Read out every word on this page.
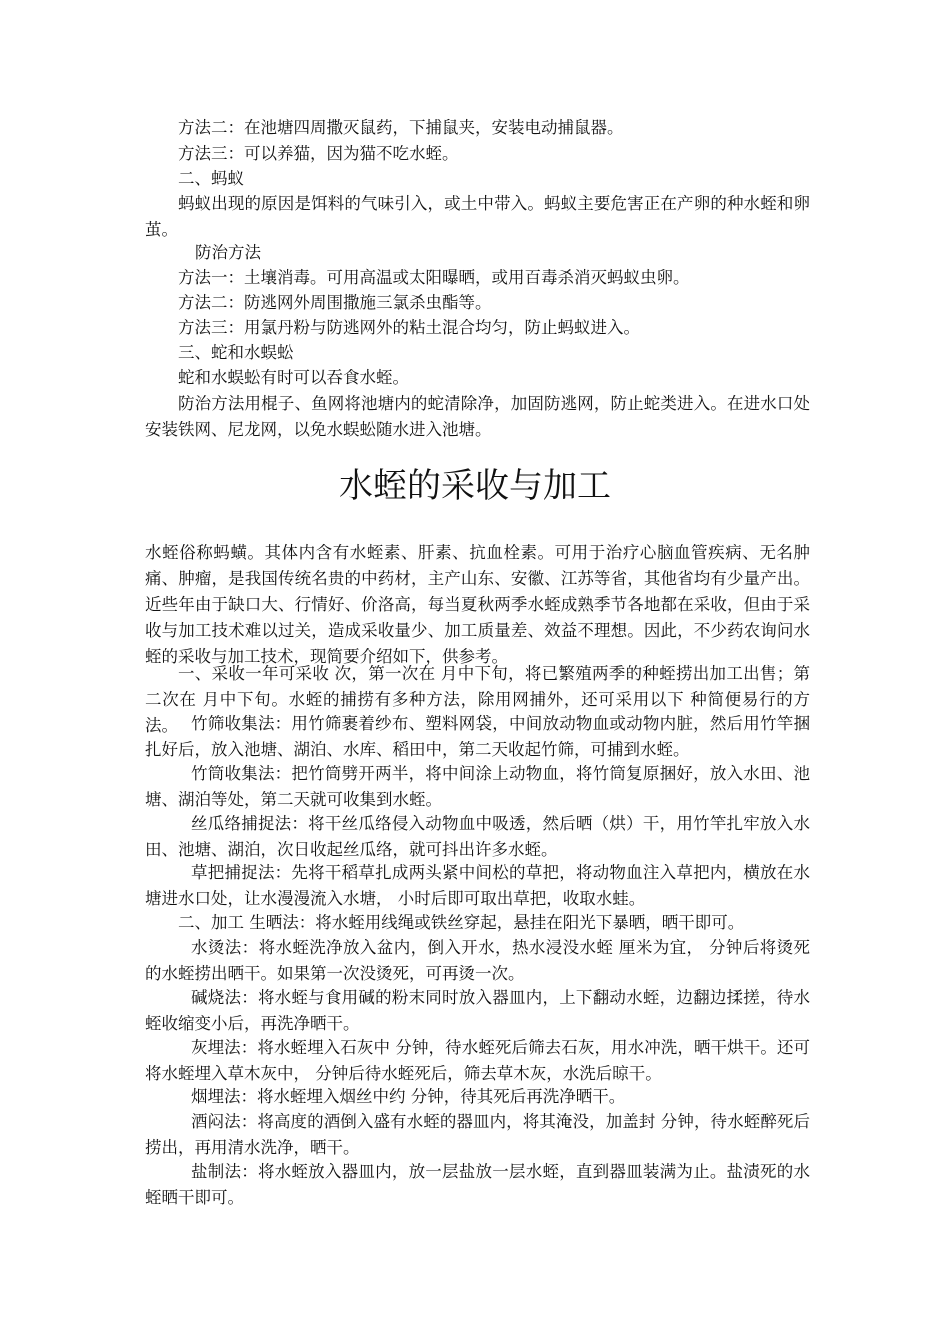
方法二：在池塘四周撒灭鼠药，下捕鼠夹，安装电动捕鼠器。

方法三：可以养猫，因为猫不吃水蛭。

二、蚂蚁

蚂蚁出现的原因是饵料的气味引入，或土中带入。蚂蚁主要危害正在产卵的种水蛭和卵茧。

防治方法

方法一：土壤消毒。可用高温或太阳曝晒，或用百毒杀消灭蚂蚁虫卵。

方法二：防逃网外周围撒施三氯杀虫酯等。

方法三：用氯丹粉与防逃网外的粘土混合均匀，防止蚂蚁进入。

三、蛇和水蜈蚣

蛇和水蜈蚣有时可以吞食水蛭。

防治方法用棍子、鱼网将池塘内的蛇清除净，加固防逃网，防止蛇类进入。在进水口处安装铁网、尼龙网，以免水蜈蚣随水进入池塘。

水蛭的采收与加工

水蛭俗称蚂蟥。其体内含有水蛭素、肝素、抗血栓素。可用于治疗心脑血管疾病、无名肿痛、肿瘤，是我国传统名贵的中药材，主产山东、安徽、江苏等省，其他省均有少量产出。近些年由于缺口大、行情好、价洛高，每当夏秋两季水蛭成熟季节各地都在采收，但由于采收与加工技术难以过关，造成采收量少、加工质量差、效益不理想。因此，不少药农询问水蛭的采收与加工技术，现简要介绍如下，供参考。

一、采收一年可采收 次，第一次在 月中下旬，将已繁殖两季的种蛭捞出加工出售；第二次在 月中下旬。水蛭的捕捞有多种方法，除用网捕外，还可采用以下 种简便易行的方法。 竹筛收集法：用竹筛裹着纱布、塑料网袋，中间放动物血或动物内脏，然后用竹竿捆扎好后，放入池塘、湖泊、水库、稻田中，第二天收起竹筛，可捕到水蛭。

竹筒收集法：把竹筒劈开两半，将中间涂上动物血，将竹筒复原捆好，放入水田、池塘、湖泊等处，第二天就可收集到水蛭。

丝瓜络捕捉法：将干丝瓜络侵入动物血中吸透，然后晒（烘）干，用竹竿扎牢放入水田、池塘、湖泊，次日收起丝瓜络，就可抖出许多水蛭。

草把捕捉法：先将干稻草扎成两头紧中间松的草把，将动物血注入草把内，横放在水塘进水口处，让水漫漫流入水塘， 小时后即可取出草把，收取水蛙。

二、加工 生晒法：将水蛭用线绳或铁丝穿起，悬挂在阳光下暴晒，晒干即可。

水烫法：将水蛭洗净放入盆内，倒入开水，热水浸没水蛭 厘米为宜， 分钟后将烫死的水蛭捞出晒干。如果第一次没烫死，可再烫一次。

碱烧法：将水蛭与食用碱的粉末同时放入器皿内，上下翻动水蛭，边翻边揉搓，待水蛭收缩变小后，再洗净晒干。

灰埋法：将水蛭埋入石灰中 分钟，待水蛭死后筛去石灰，用水冲洗，晒干烘干。还可将水蛭埋入草木灰中， 分钟后待水蛭死后，筛去草木灰，水洗后晾干。

烟埋法：将水蛭埋入烟丝中约 分钟，待其死后再洗净晒干。

酒闷法：将高度的酒倒入盛有水蛭的器皿内，将其淹没，加盖封 分钟，待水蛭醉死后捞出，再用清水洗净，晒干。

盐制法：将水蛭放入器皿内，放一层盐放一层水蛭，直到器皿装满为止。盐渍死的水蛭晒干即可。
